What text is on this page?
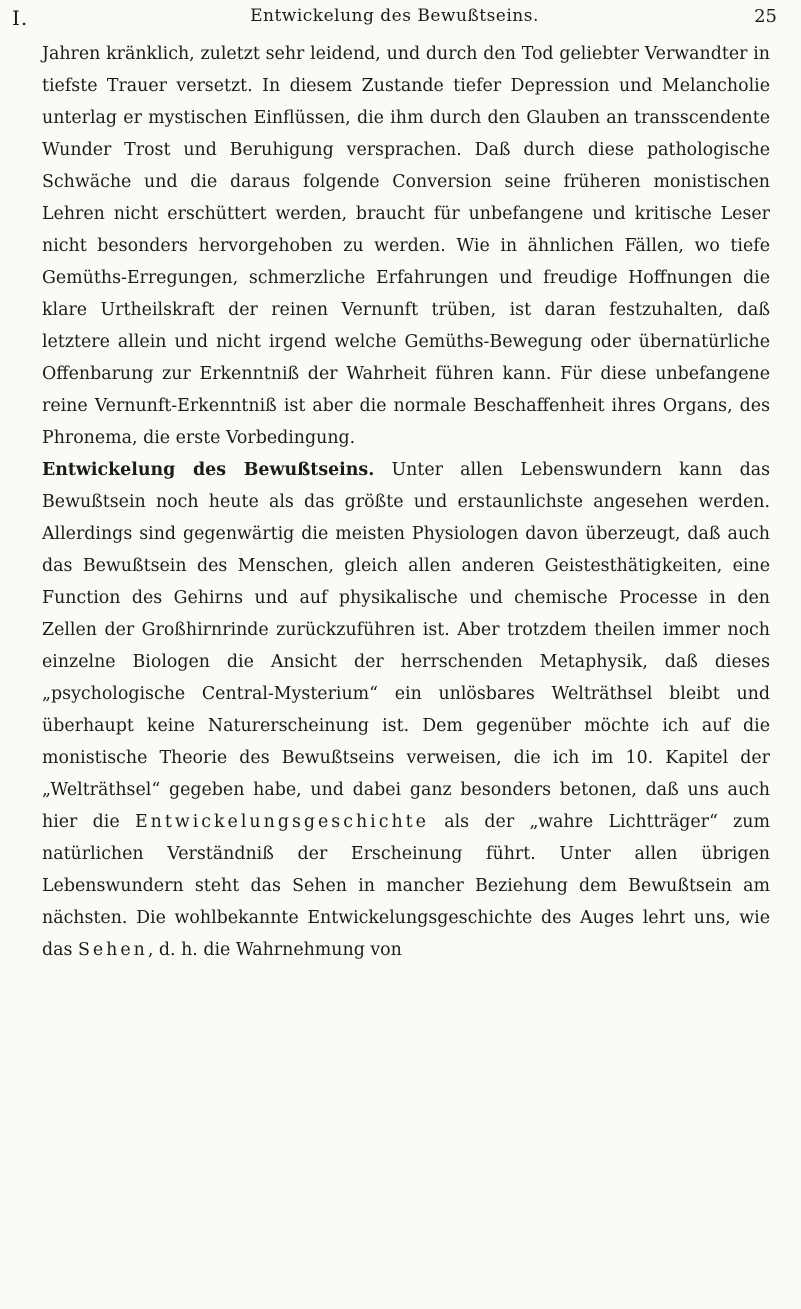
I.	Entwickelung des Bewußtseins.	25

Jahren kränklich, zuletzt sehr leidend, und durch den Tod geliebter Verwandter in tiefste Trauer versetzt. In diesem Zustande tiefer Depression und Melancholie unterlag er mystischen Einflüssen, die ihm durch den Glauben an transscendente Wunder Trost und Beruhigung versprachen. Daß durch diese pathologische Schwäche und die daraus folgende Conversion seine früheren monistischen Lehren nicht erschüttert werden, braucht für unbefangene und kritische Leser nicht besonders hervorgehoben zu werden. Wie in ähnlichen Fällen, wo tiefe Gemüths-Erregungen, schmerzliche Erfahrungen und freudige Hoffnungen die klare Urtheilskraft der reinen Vernunft trüben, ist daran festzuhalten, daß letztere allein und nicht irgend welche Gemüths-Bewegung oder übernatürliche Offenbarung zur Erkenntniß der Wahrheit führen kann. Für diese unbefangene reine Vernunft-Erkenntniß ist aber die normale Beschaffenheit ihres Organs, des Phronema, die erste Vorbedingung.

Entwickelung des Bewußtseins. Unter allen Lebenswundern kann das Bewußtsein noch heute als das größte und erstaunlichste angesehen werden. Allerdings sind gegenwärtig die meisten Physiologen davon überzeugt, daß auch das Bewußtsein des Menschen, gleich allen anderen Geistesthätigkeiten, eine Function des Gehirns und auf physikalische und chemische Processe in den Zellen der Großhirnrinde zurückzuführen ist. Aber trotzdem theilen immer noch einzelne Biologen die Ansicht der herrschenden Metaphysik, daß dieses „psychologische Central-Mysterium“ ein unlösbares Welträthsel bleibt und überhaupt keine Naturerscheinung ist. Dem gegenüber möchte ich auf die monistische Theorie des Bewußtseins verweisen, die ich im 10. Kapitel der „Welträthsel“ gegeben habe, und dabei ganz besonders betonen, daß uns auch hier die Entwickelungsgeschichte als der „wahre Lichtträger“ zum natürlichen Verständniß der Erscheinung führt. Unter allen übrigen Lebenswundern steht das Sehen in mancher Beziehung dem Bewußtsein am nächsten. Die wohlbekannte Entwickelungsgeschichte des Auges lehrt uns, wie das Sehen, d. h. die Wahrnehmung von
